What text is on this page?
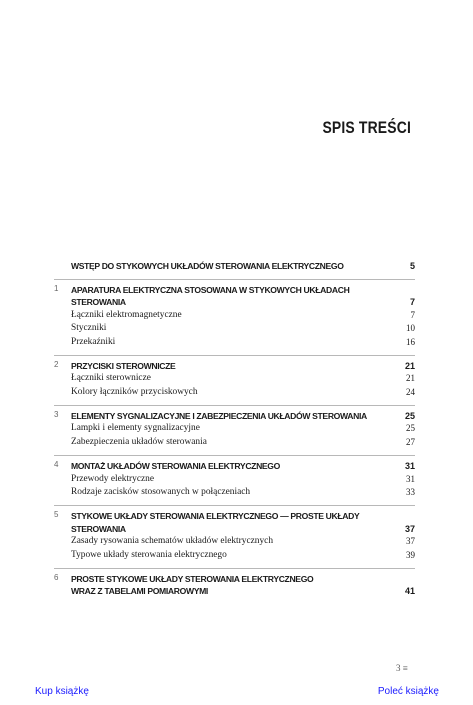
SPIS TREŚCI
WSTĘP DO STYKOWYCH UKŁADÓW STEROWANIA ELEKTRYCZNEGO	5
1	APARATURA ELEKTRYCZNA STOSOWANA W STYKOWYCH UKŁADACH STEROWANIA	7
Łączniki elektromagnetyczne	7
Styczniki	10
Przekaźniki	16
2	PRZYCISKI STEROWNICZE	21
Łączniki sterownicze	21
Kolory łączników przyciskowych	24
3	ELEMENTY SYGNALIZACYJNE I ZABEZPIECZENIA UKŁADÓW STEROWANIA	25
Lampki i elementy sygnalizacyjne	25
Zabezpieczenia układów sterowania	27
4	MONTAŻ UKŁADÓW STEROWANIA ELEKTRYCZNEGO	31
Przewody elektryczne	31
Rodzaje zacisków stosowanych w połączeniach	33
5	STYKOWE UKŁADY STEROWANIA ELEKTRYCZNEGO — PROSTE UKŁADY
STEROWANIA	37
Zasady rysowania schematów układów elektrycznych	37
Typowe układy sterowania elektrycznego	39
6	PROSTE STYKOWE UKŁADY STEROWANIA ELEKTRYCZNEGO
WRAZ Z TABELAMI POMIAROWYMI	41
3 ≡
Kup książkę	Poleć książkę
